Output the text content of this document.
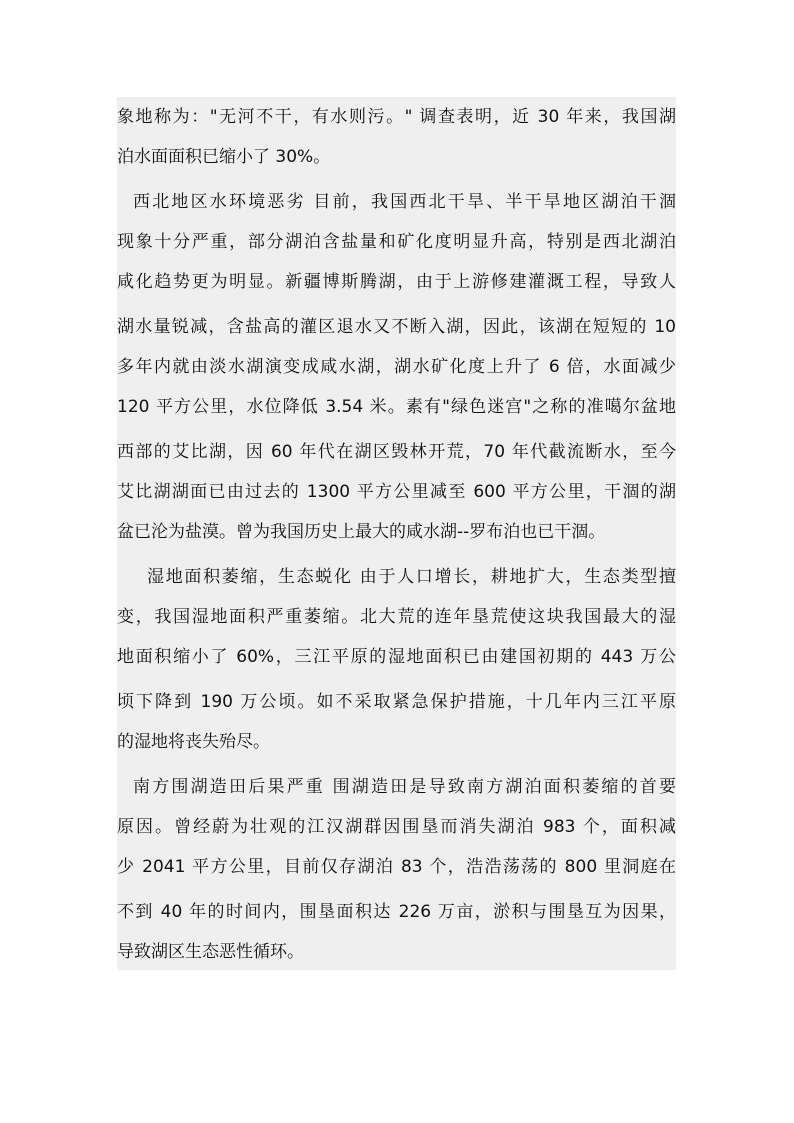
象地称为："无河不干，有水则污。" 调查表明，近 30 年来，我国湖
泊水面面积已缩小了 30%。
西北地区水环境恶劣 目前，我国西北干旱、半干旱地区湖泊干涸
现象十分严重，部分湖泊含盐量和矿化度明显升高，特别是西北湖泊
咸化趋势更为明显。新疆博斯腾湖，由于上游修建灌溉工程，导致人
湖水量锐减，含盐高的灌区退水又不断入湖，因此，该湖在短短的 10
多年内就由淡水湖演变成咸水湖，湖水矿化度上升了 6 倍，水面减少
120 平方公里，水位降低 3.54 米。素有"绿色迷宫"之称的准噶尔盆地
西部的艾比湖，因 60 年代在湖区毁林开荒，70 年代截流断水，至今
艾比湖湖面已由过去的 1300 平方公里减至 600 平方公里，干涸的湖
盆已沦为盐漠。曾为我国历史上最大的咸水湖--罗布泊也已干涸。
湿地面积萎缩，生态蜕化 由于人口增长，耕地扩大，生态类型擅
变，我国湿地面积严重萎缩。北大荒的连年垦荒使这块我国最大的湿
地面积缩小了 60%，三江平原的湿地面积已由建国初期的 443 万公
顷下降到 190 万公顷。如不采取紧急保护措施，十几年内三江平原
的湿地将丧失殆尽。
南方围湖造田后果严重 围湖造田是导致南方湖泊面积萎缩的首要
原因。曾经蔚为壮观的江汉湖群因围垦而消失湖泊 983 个，面积减
少 2041 平方公里，目前仅存湖泊 83 个，浩浩荡荡的 800 里洞庭在
不到 40 年的时间内，围垦面积达 226 万亩，淤积与围垦互为因果，
导致湖区生态恶性循环。
